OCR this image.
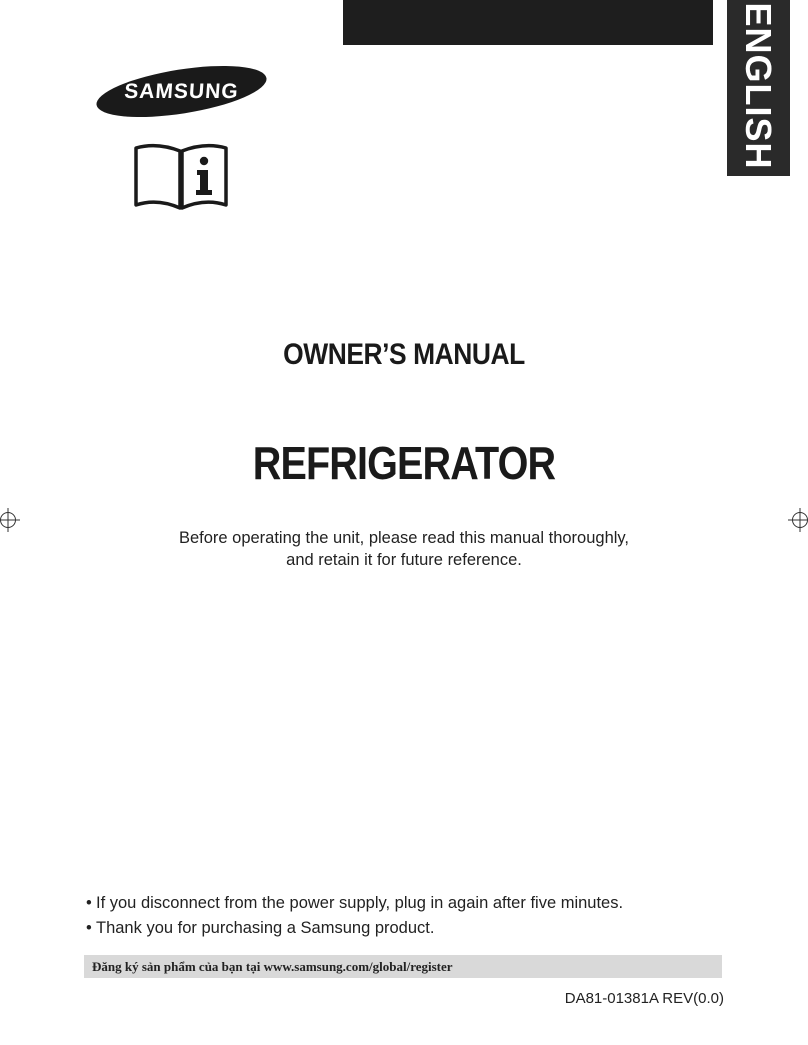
ENGLISH
SAMSUNG
OWNER’S MANUAL
REFRIGERATOR
Before operating the unit, please read this manual thoroughly,
and retain it for future reference.
• If you disconnect from the power supply, plug in again after five minutes.
• Thank you for purchasing a Samsung product.
Đăng ký sản phẩm của bạn tại www.samsung.com/global/register
DA81-01381A REV(0.0)
